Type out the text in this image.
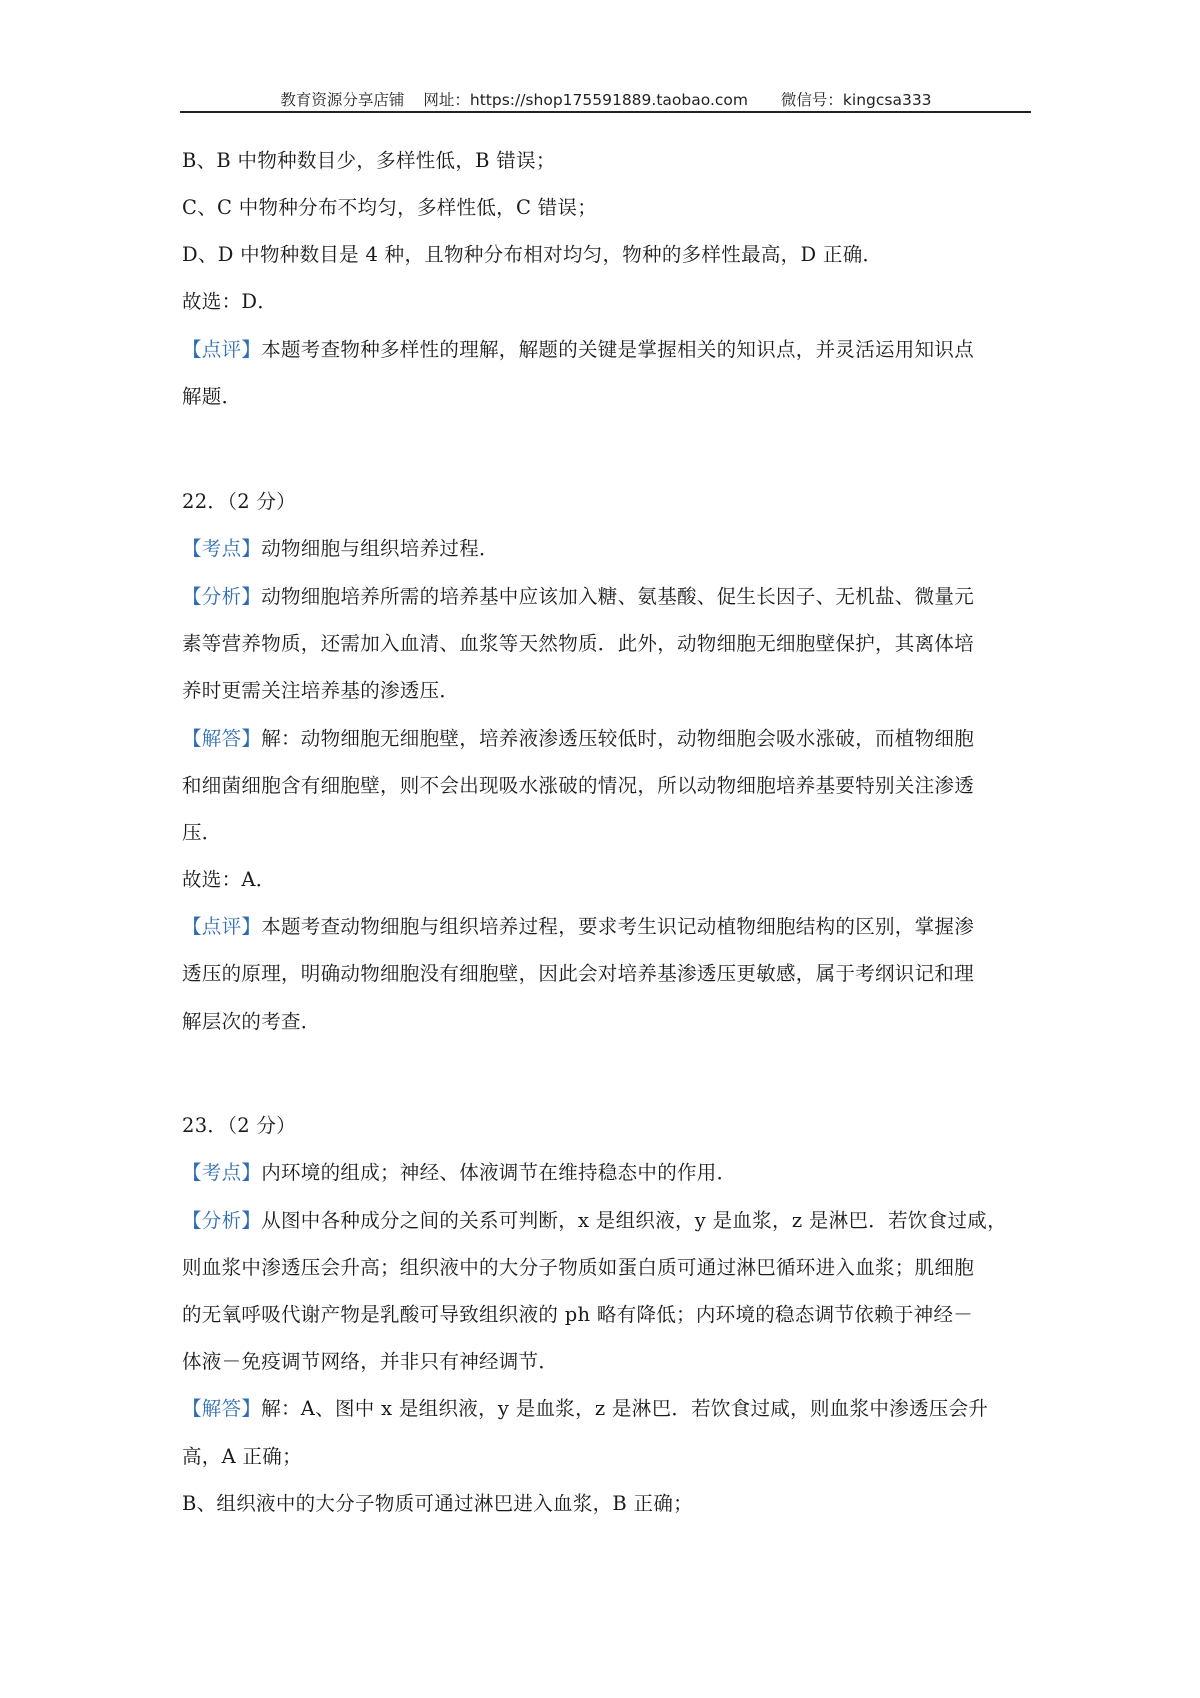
教育资源分享店铺 网址：https://shop175591889.taobao.com 微信号：kingcsa333
B、B 中物种数目少，多样性低，B 错误；
C、C 中物种分布不均匀，多样性低，C 错误；
D、D 中物种数目是 4 种，且物种分布相对均匀，物种的多样性最高，D 正确．
故选：D．
【点评】本题考查物种多样性的理解，解题的关键是掌握相关的知识点，并灵活运用知识点
解题．
22．（2 分）
【考点】动物细胞与组织培养过程．
【分析】动物细胞培养所需的培养基中应该加入糖、氨基酸、促生长因子、无机盐、微量元
素等营养物质，还需加入血清、血浆等天然物质．此外，动物细胞无细胞壁保护，其离体培
养时更需关注培养基的渗透压．
【解答】解：动物细胞无细胞壁，培养液渗透压较低时，动物细胞会吸水涨破，而植物细胞
和细菌细胞含有细胞壁，则不会出现吸水涨破的情况，所以动物细胞培养基要特别关注渗透
压．
故选：A．
【点评】本题考查动物细胞与组织培养过程，要求考生识记动植物细胞结构的区别，掌握渗
透压的原理，明确动物细胞没有细胞壁，因此会对培养基渗透压更敏感，属于考纲识记和理
解层次的考查．
23．（2 分）
【考点】内环境的组成；神经、体液调节在维持稳态中的作用．
【分析】从图中各种成分之间的关系可判断，x 是组织液，y 是血浆，z 是淋巴．若饮食过咸，
则血浆中渗透压会升高；组织液中的大分子物质如蛋白质可通过淋巴循环进入血浆；肌细胞
的无氧呼吸代谢产物是乳酸可导致组织液的 ph 略有降低；内环境的稳态调节依赖于神经－
体液－免疫调节网络，并非只有神经调节．
【解答】解：A、图中 x 是组织液，y 是血浆，z 是淋巴．若饮食过咸，则血浆中渗透压会升
高，A 正确；
B、组织液中的大分子物质可通过淋巴进入血浆，B 正确；
